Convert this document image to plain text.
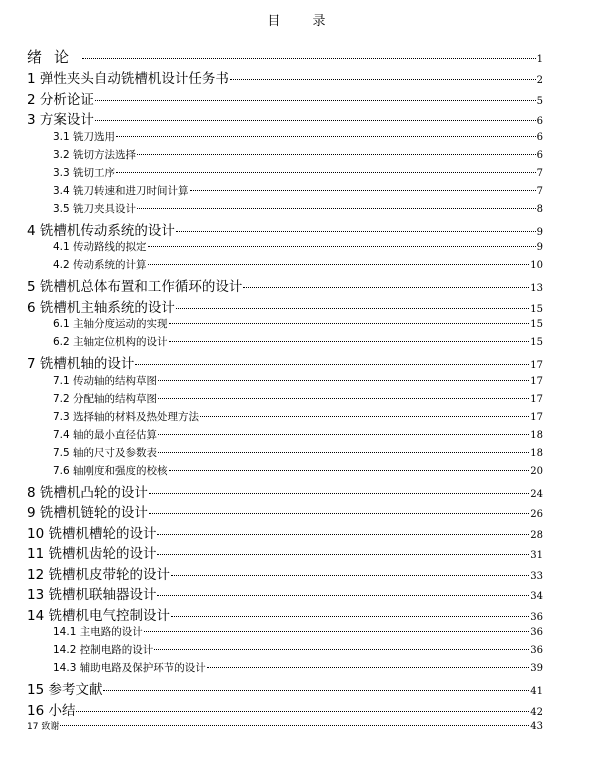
目 录
绪论	1
1 弹性夹头自动铣槽机设计任务书	2
2 分析论证	5
3 方案设计	6
3.1 铣刀选用	6
3.2 铣切方法选择	6
3.3 铣切工序	7
3.4 铣刀转速和进刀时间计算	7
3.5 铣刀夹具设计	8
4 铣槽机传动系统的设计	9
4.1 传动路线的拟定	9
4.2 传动系统的计算	10
5 铣槽机总体布置和工作循环的设计	13
6 铣槽机主轴系统的设计	15
6.1 主轴分度运动的实现	15
6.2 主轴定位机构的设计	15
7 铣槽机轴的设计	17
7.1 传动轴的结构草图	17
7.2 分配轴的结构草图	17
7.3 选择轴的材料及热处理方法	17
7.4 轴的最小直径估算	18
7.5 轴的尺寸及参数表	18
7.6 轴刚度和强度的校核	20
8 铣槽机凸轮的设计	24
9 铣槽机链轮的设计	26
10 铣槽机槽轮的设计	28
11 铣槽机齿轮的设计	31
12 铣槽机皮带轮的设计	33
13 铣槽机联轴器设计	34
14 铣槽机电气控制设计	36
14.1 主电路的设计	36
14.2 控制电路的设计	36
14.3 辅助电路及保护环节的设计	39
15 参考文献	41
16 小结	42
17 致谢	43
